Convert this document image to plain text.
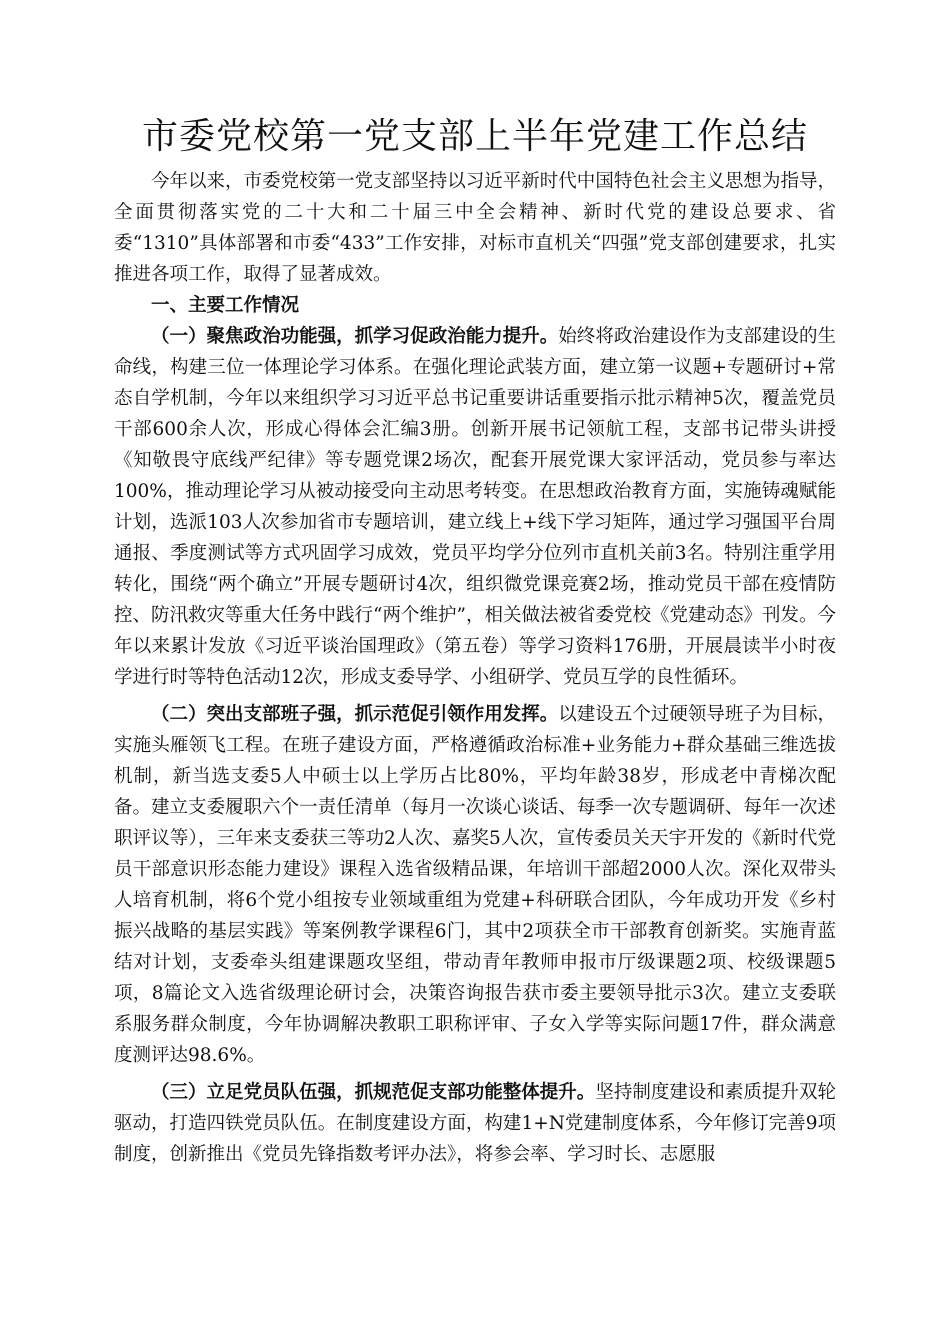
市委党校第一党支部上半年党建工作总结

今年以来，市委党校第一党支部坚持以习近平新时代中国特色社会主义思想为指导，全面贯彻落实党的二十大和二十届三中全会精神、新时代党的建设总要求、省委“1310”具体部署和市委“433”工作安排，对标市直机关“四强”党支部创建要求，扎实推进各项工作，取得了显著成效。

一、主要工作情况

（一）聚焦政治功能强，抓学习促政治能力提升。始终将政治建设作为支部建设的生命线，构建三位一体理论学习体系。在强化理论武装方面，建立第一议题+专题研讨+常态自学机制，今年以来组织学习习近平总书记重要讲话重要指示批示精神5次，覆盖党员干部600余人次，形成心得体会汇编3册。创新开展书记领航工程，支部书记带头讲授《知敬畏守底线严纪律》等专题党课2场次，配套开展党课大家评活动，党员参与率达100%，推动理论学习从被动接受向主动思考转变。在思想政治教育方面，实施铸魂赋能计划，选派103人次参加省市专题培训，建立线上+线下学习矩阵，通过学习强国平台周通报、季度测试等方式巩固学习成效，党员平均学分位列市直机关前3名。特别注重学用转化，围绕“两个确立”开展专题研讨4次，组织微党课竞赛2场，推动党员干部在疫情防控、防汛救灾等重大任务中践行“两个维护”，相关做法被省委党校《党建动态》刊发。今年以来累计发放《习近平谈治国理政》（第五卷）等学习资料176册，开展晨读半小时夜学进行时等特色活动12次，形成支委导学、小组研学、党员互学的良性循环。

（二）突出支部班子强，抓示范促引领作用发挥。以建设五个过硬领导班子为目标，实施头雁领飞工程。在班子建设方面，严格遵循政治标准+业务能力+群众基础三维选拔机制，新当选支委5人中硕士以上学历占比80%，平均年龄38岁，形成老中青梯次配备。建立支委履职六个一责任清单（每月一次谈心谈话、每季一次专题调研、每年一次述职评议等），三年来支委获三等功2人次、嘉奖5人次，宣传委员关天宇开发的《新时代党员干部意识形态能力建设》课程入选省级精品课，年培训干部超2000人次。深化双带头人培育机制，将6个党小组按专业领域重组为党建+科研联合团队，今年成功开发《乡村振兴战略的基层实践》等案例教学课程6门，其中2项获全市干部教育创新奖。实施青蓝结对计划，支委牵头组建课题攻坚组，带动青年教师申报市厅级课题2项、校级课题5项，8篇论文入选省级理论研讨会，决策咨询报告获市委主要领导批示3次。建立支委联系服务群众制度，今年协调解决教职工职称评审、子女入学等实际问题17件，群众满意度测评达98.6%。

（三）立足党员队伍强，抓规范促支部功能整体提升。坚持制度建设和素质提升双轮驱动，打造四铁党员队伍。在制度建设方面，构建1+N党建制度体系，今年修订完善9项制度，创新推出《党员先锋指数考评办法》，将参会率、学习时长、志愿服
